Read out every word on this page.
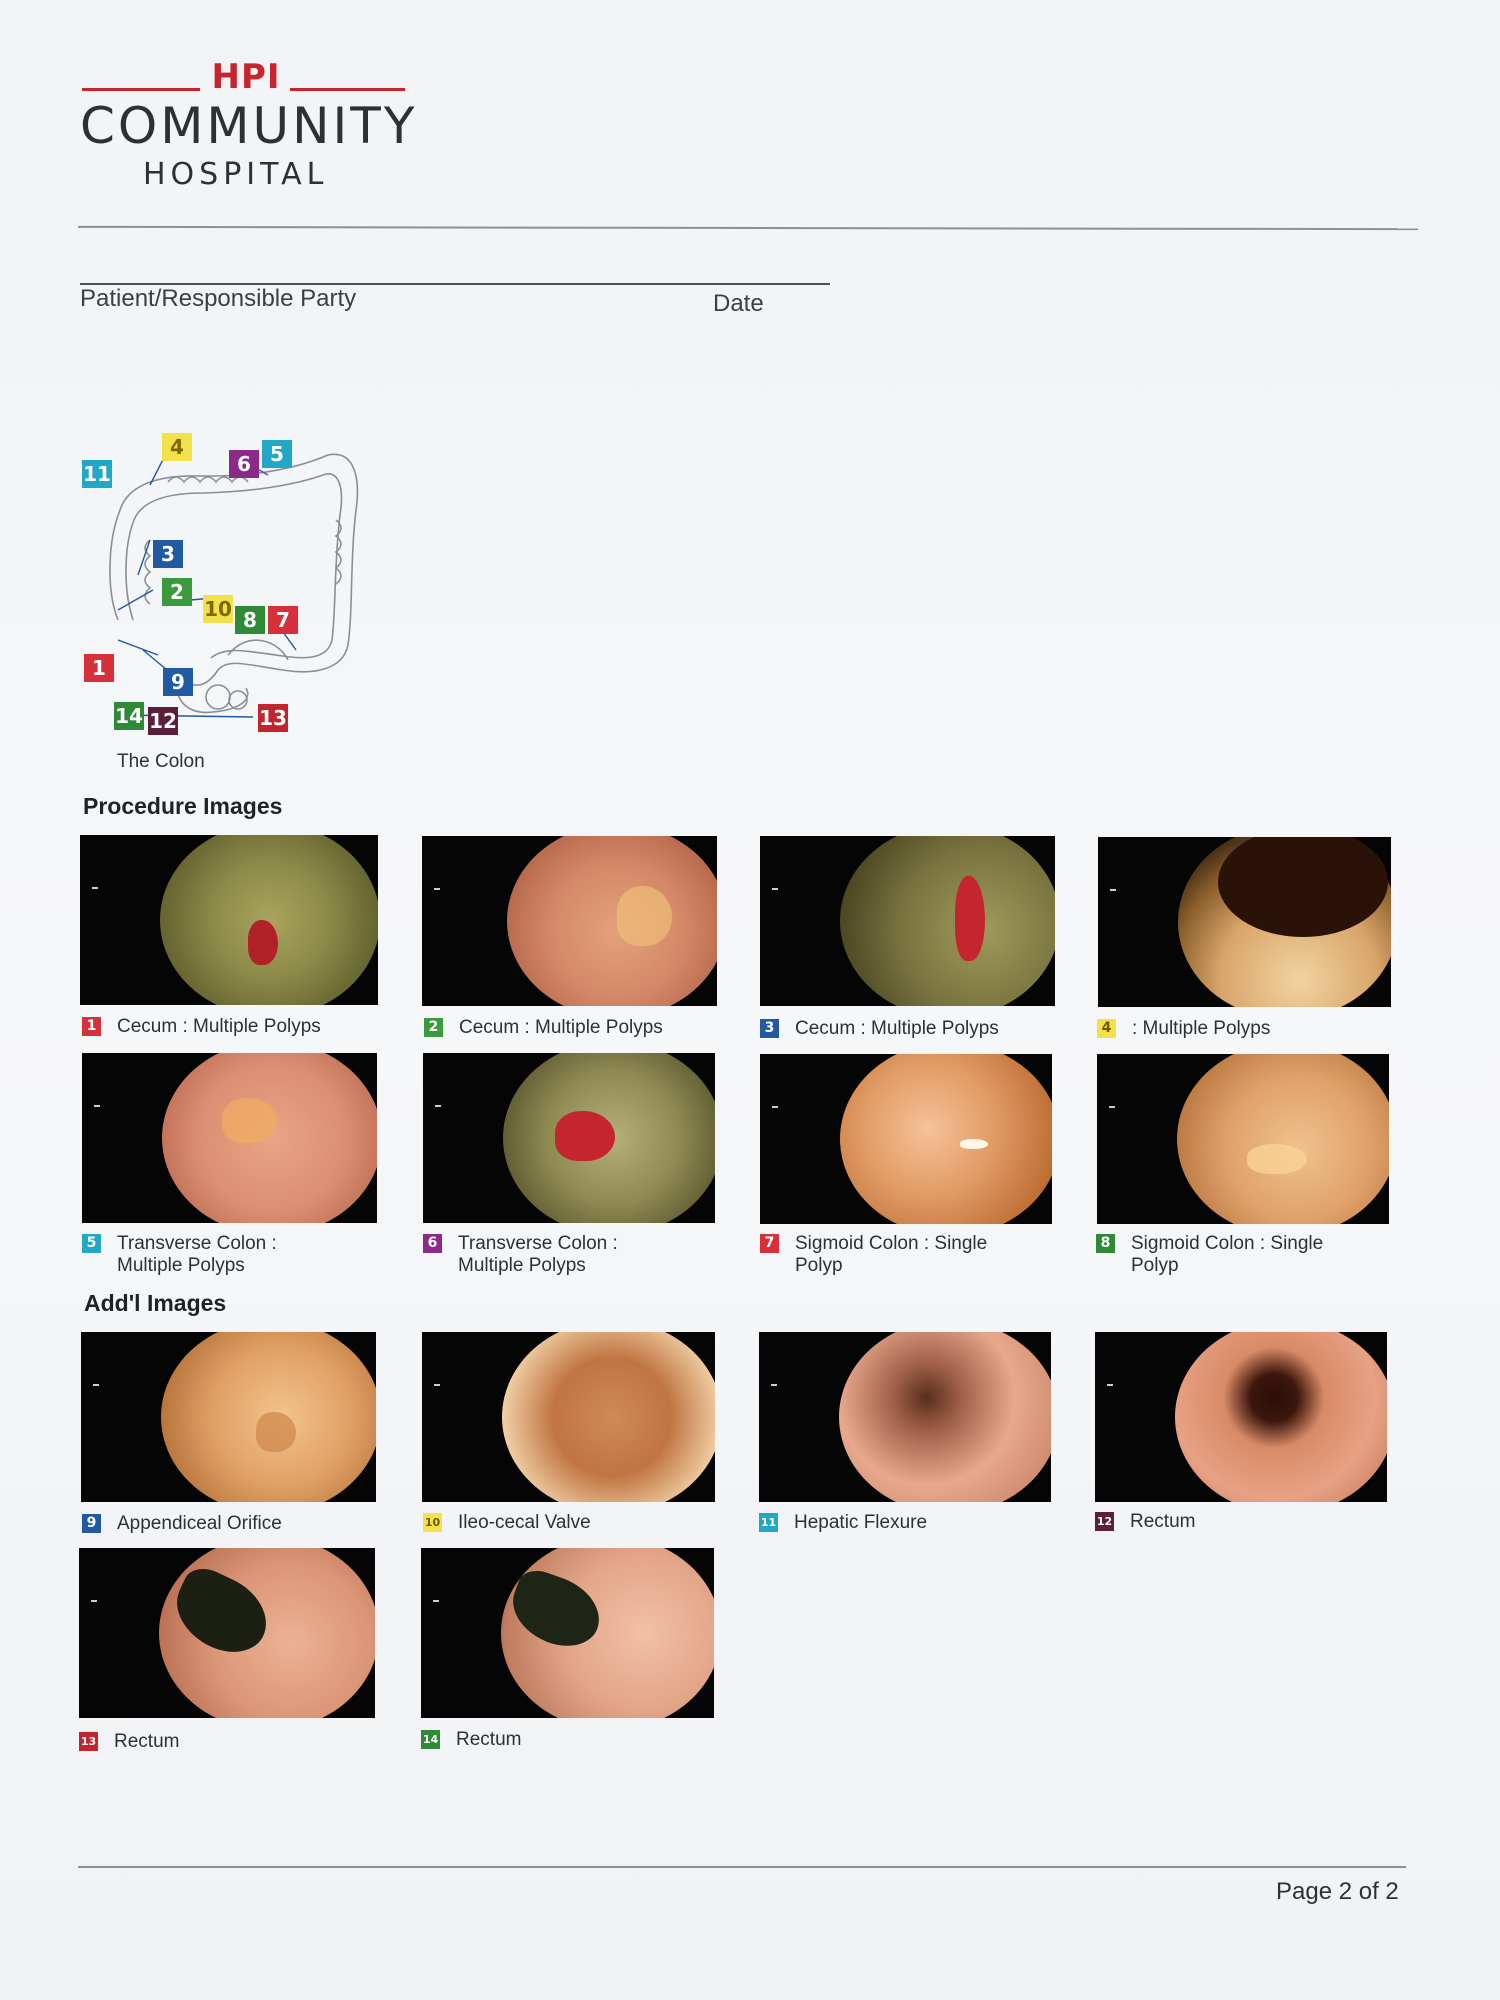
HPI
COMMUNITY
HOSPITAL
Patient/Responsible Party	Date
11
4
6 5
3
2
10 8 7
1
9
14 12	13
The Colon
Procedure Images
1 Cecum : Multiple Polyps	2 Cecum : Multiple Polyps	3 Cecum : Multiple Polyps	4 : Multiple Polyps
5 Transverse Colon : Multiple Polyps
6 Transverse Colon : Multiple Polyps
7 Sigmoid Colon : Single Polyp
8 Sigmoid Colon : Single Polyp
Add'l Images
9 Appendiceal Orifice	10 Ileo-cecal Valve	11 Hepatic Flexure	12 Rectum
13 Rectum	14 Rectum
Page 2 of 2
